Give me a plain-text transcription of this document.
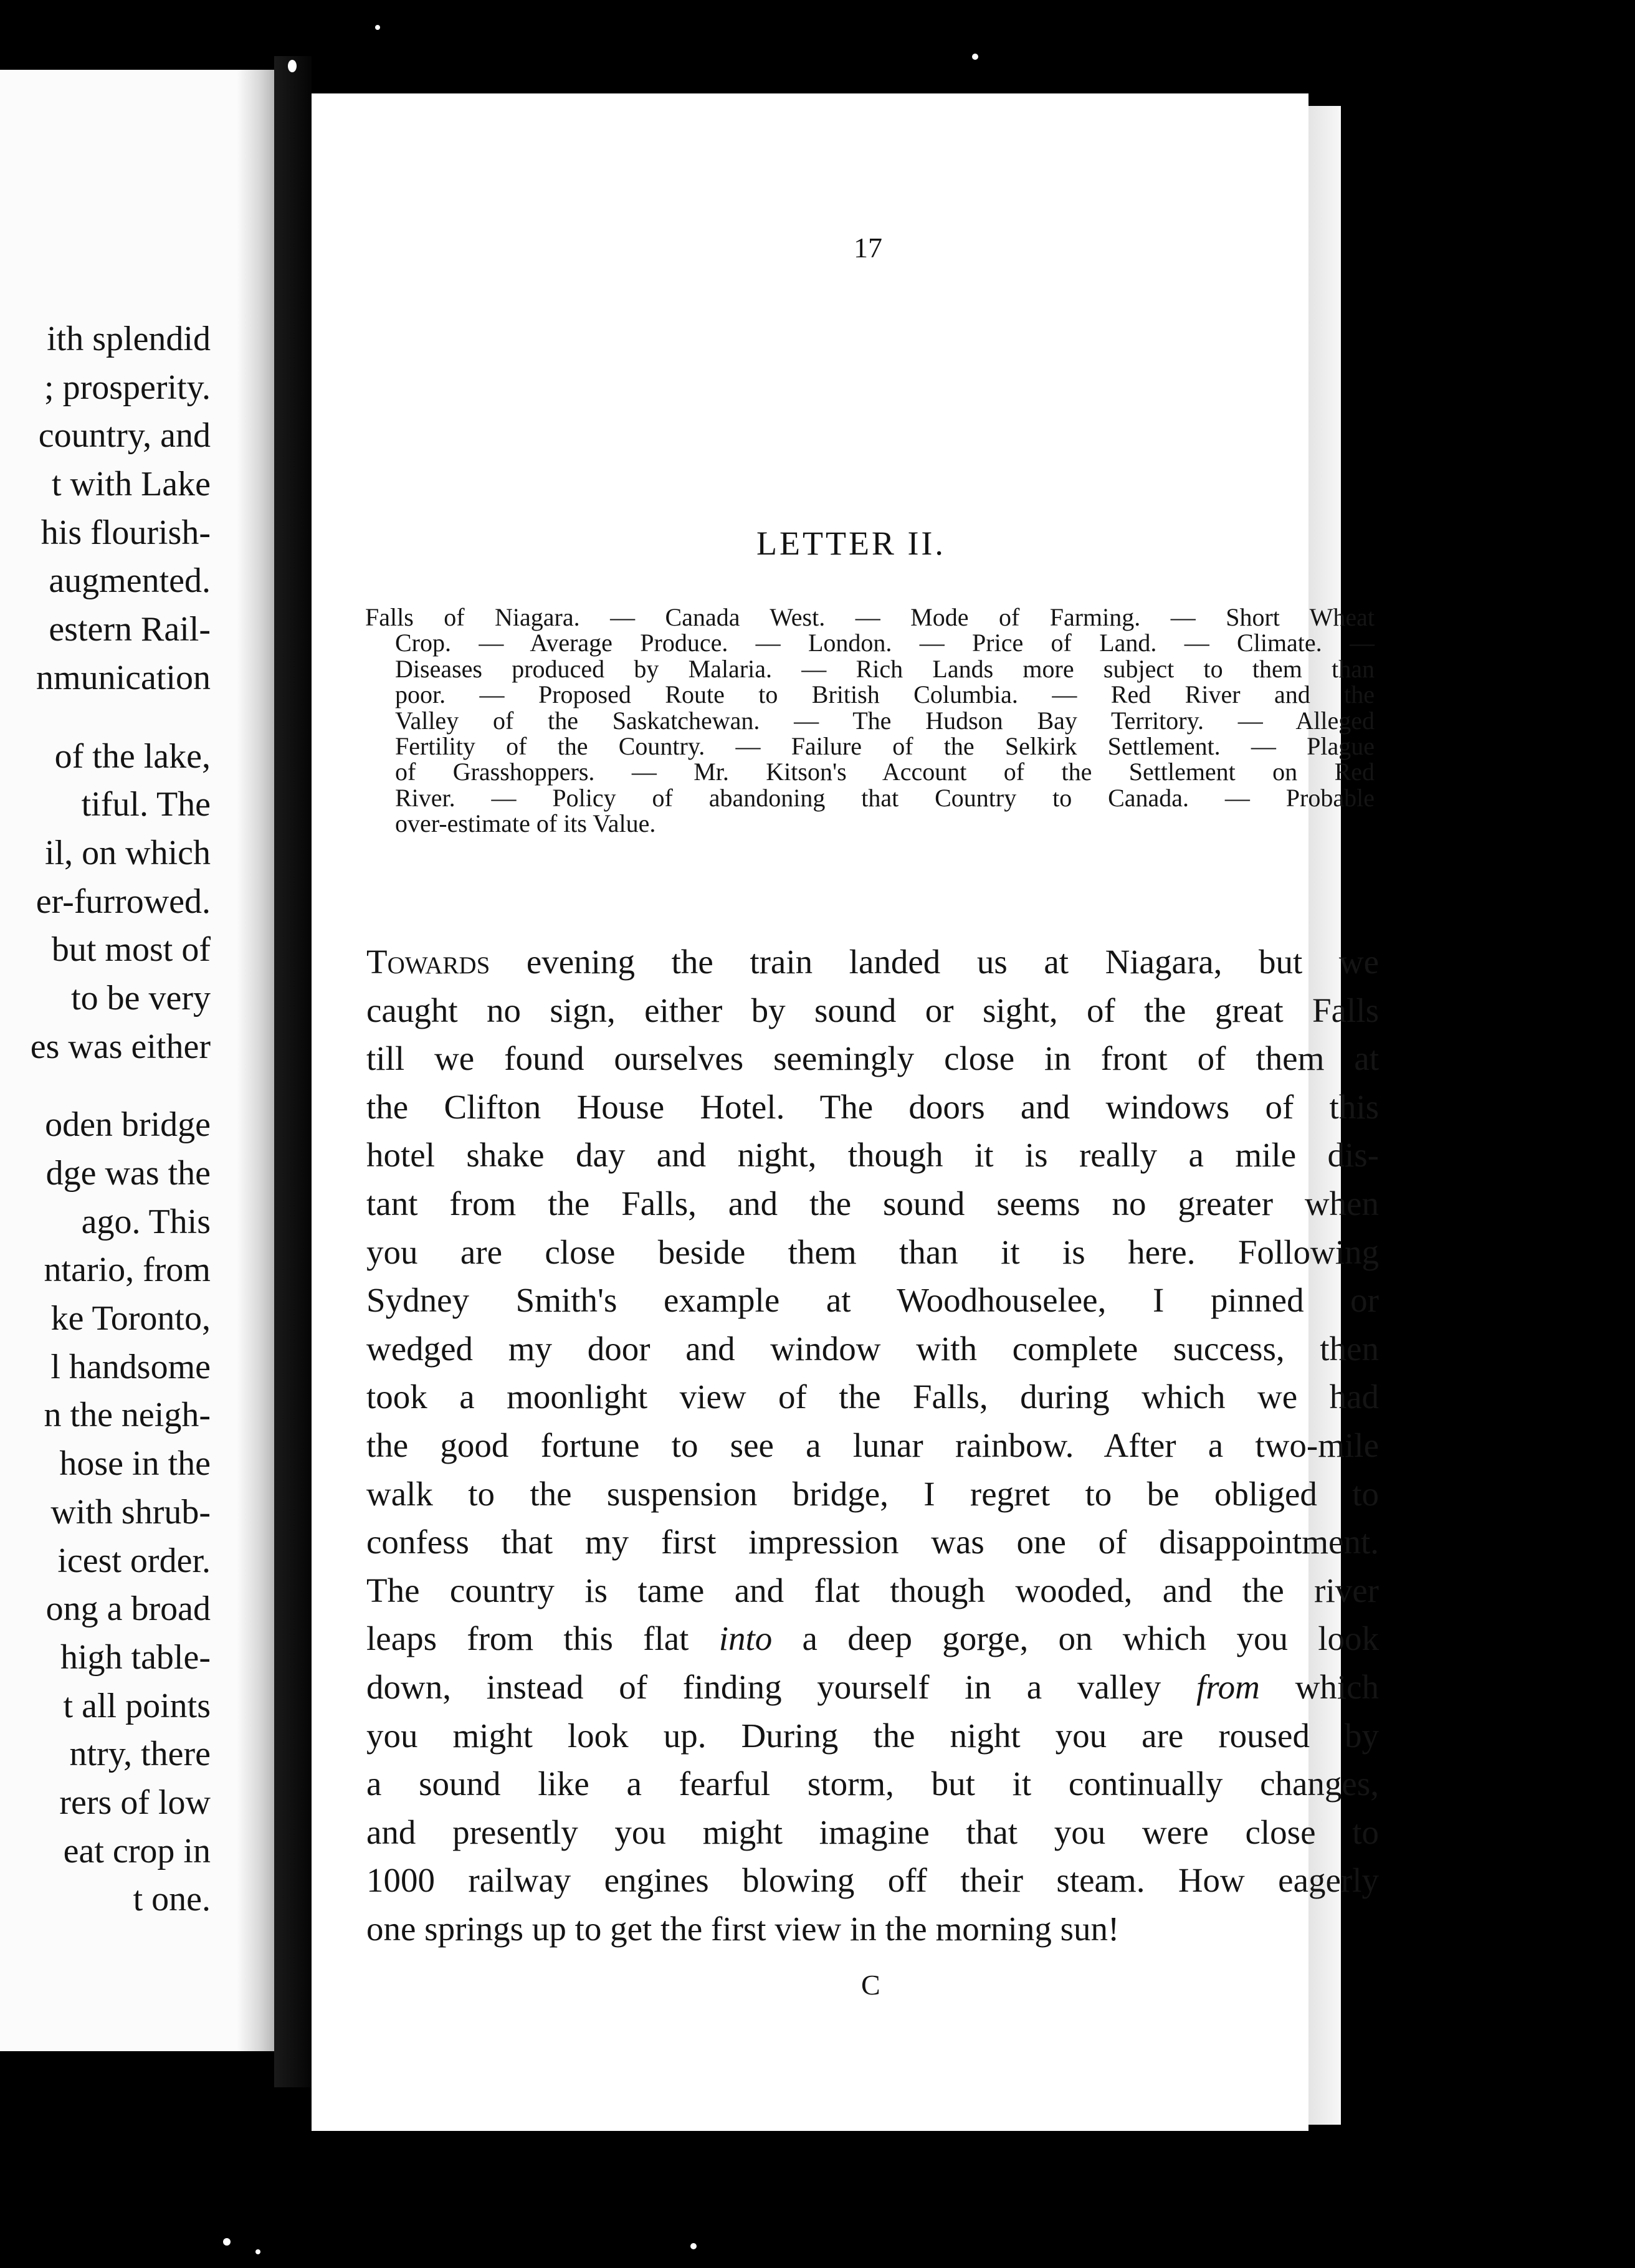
ith splendid
; prosperity.
country, and
t with Lake
his flourish-
augmented.
estern Rail-
nmunication
of the lake,
tiful. The
il, on which
er-furrowed.
but most of
to be very
es was either
oden bridge
dge was the
ago. This
ntario, from
ke Toronto,
l handsome
n the neigh-
hose in the
with shrub-
icest order.
ong a broad
high table-
t all points
ntry, there
rers of low
eat crop in
t one.
17
LETTER II.
Falls of Niagara. — Canada West. — Mode of Farming. — Short Wheat
Crop. — Average Produce. — London. — Price of Land. — Climate. —
Diseases produced by Malaria. — Rich Lands more subject to them than
poor. — Proposed Route to British Columbia. — Red River and the
Valley of the Saskatchewan. — The Hudson Bay Territory. — Alleged
Fertility of the Country. — Failure of the Selkirk Settlement. — Plague
of Grasshoppers. — Mr. Kitson's Account of the Settlement on Red
River. — Policy of abandoning that Country to Canada. — Probable
over-estimate of its Value.
Towards evening the train landed us at Niagara, but we
caught no sign, either by sound or sight, of the great Falls
till we found ourselves seemingly close in front of them at
the Clifton House Hotel. The doors and windows of this
hotel shake day and night, though it is really a mile dis-
tant from the Falls, and the sound seems no greater when
you are close beside them than it is here. Following
Sydney Smith's example at Woodhouselee, I pinned or
wedged my door and window with complete success, then
took a moonlight view of the Falls, during which we had
the good fortune to see a lunar rainbow. After a two-mile
walk to the suspension bridge, I regret to be obliged to
confess that my first impression was one of disappointment.
The country is tame and flat though wooded, and the river
leaps from this flat into a deep gorge, on which you look
down, instead of finding yourself in a valley from which
you might look up. During the night you are roused by
a sound like a fearful storm, but it continually changes,
and presently you might imagine that you were close to
1000 railway engines blowing off their steam. How eagerly
one springs up to get the first view in the morning sun!
C
